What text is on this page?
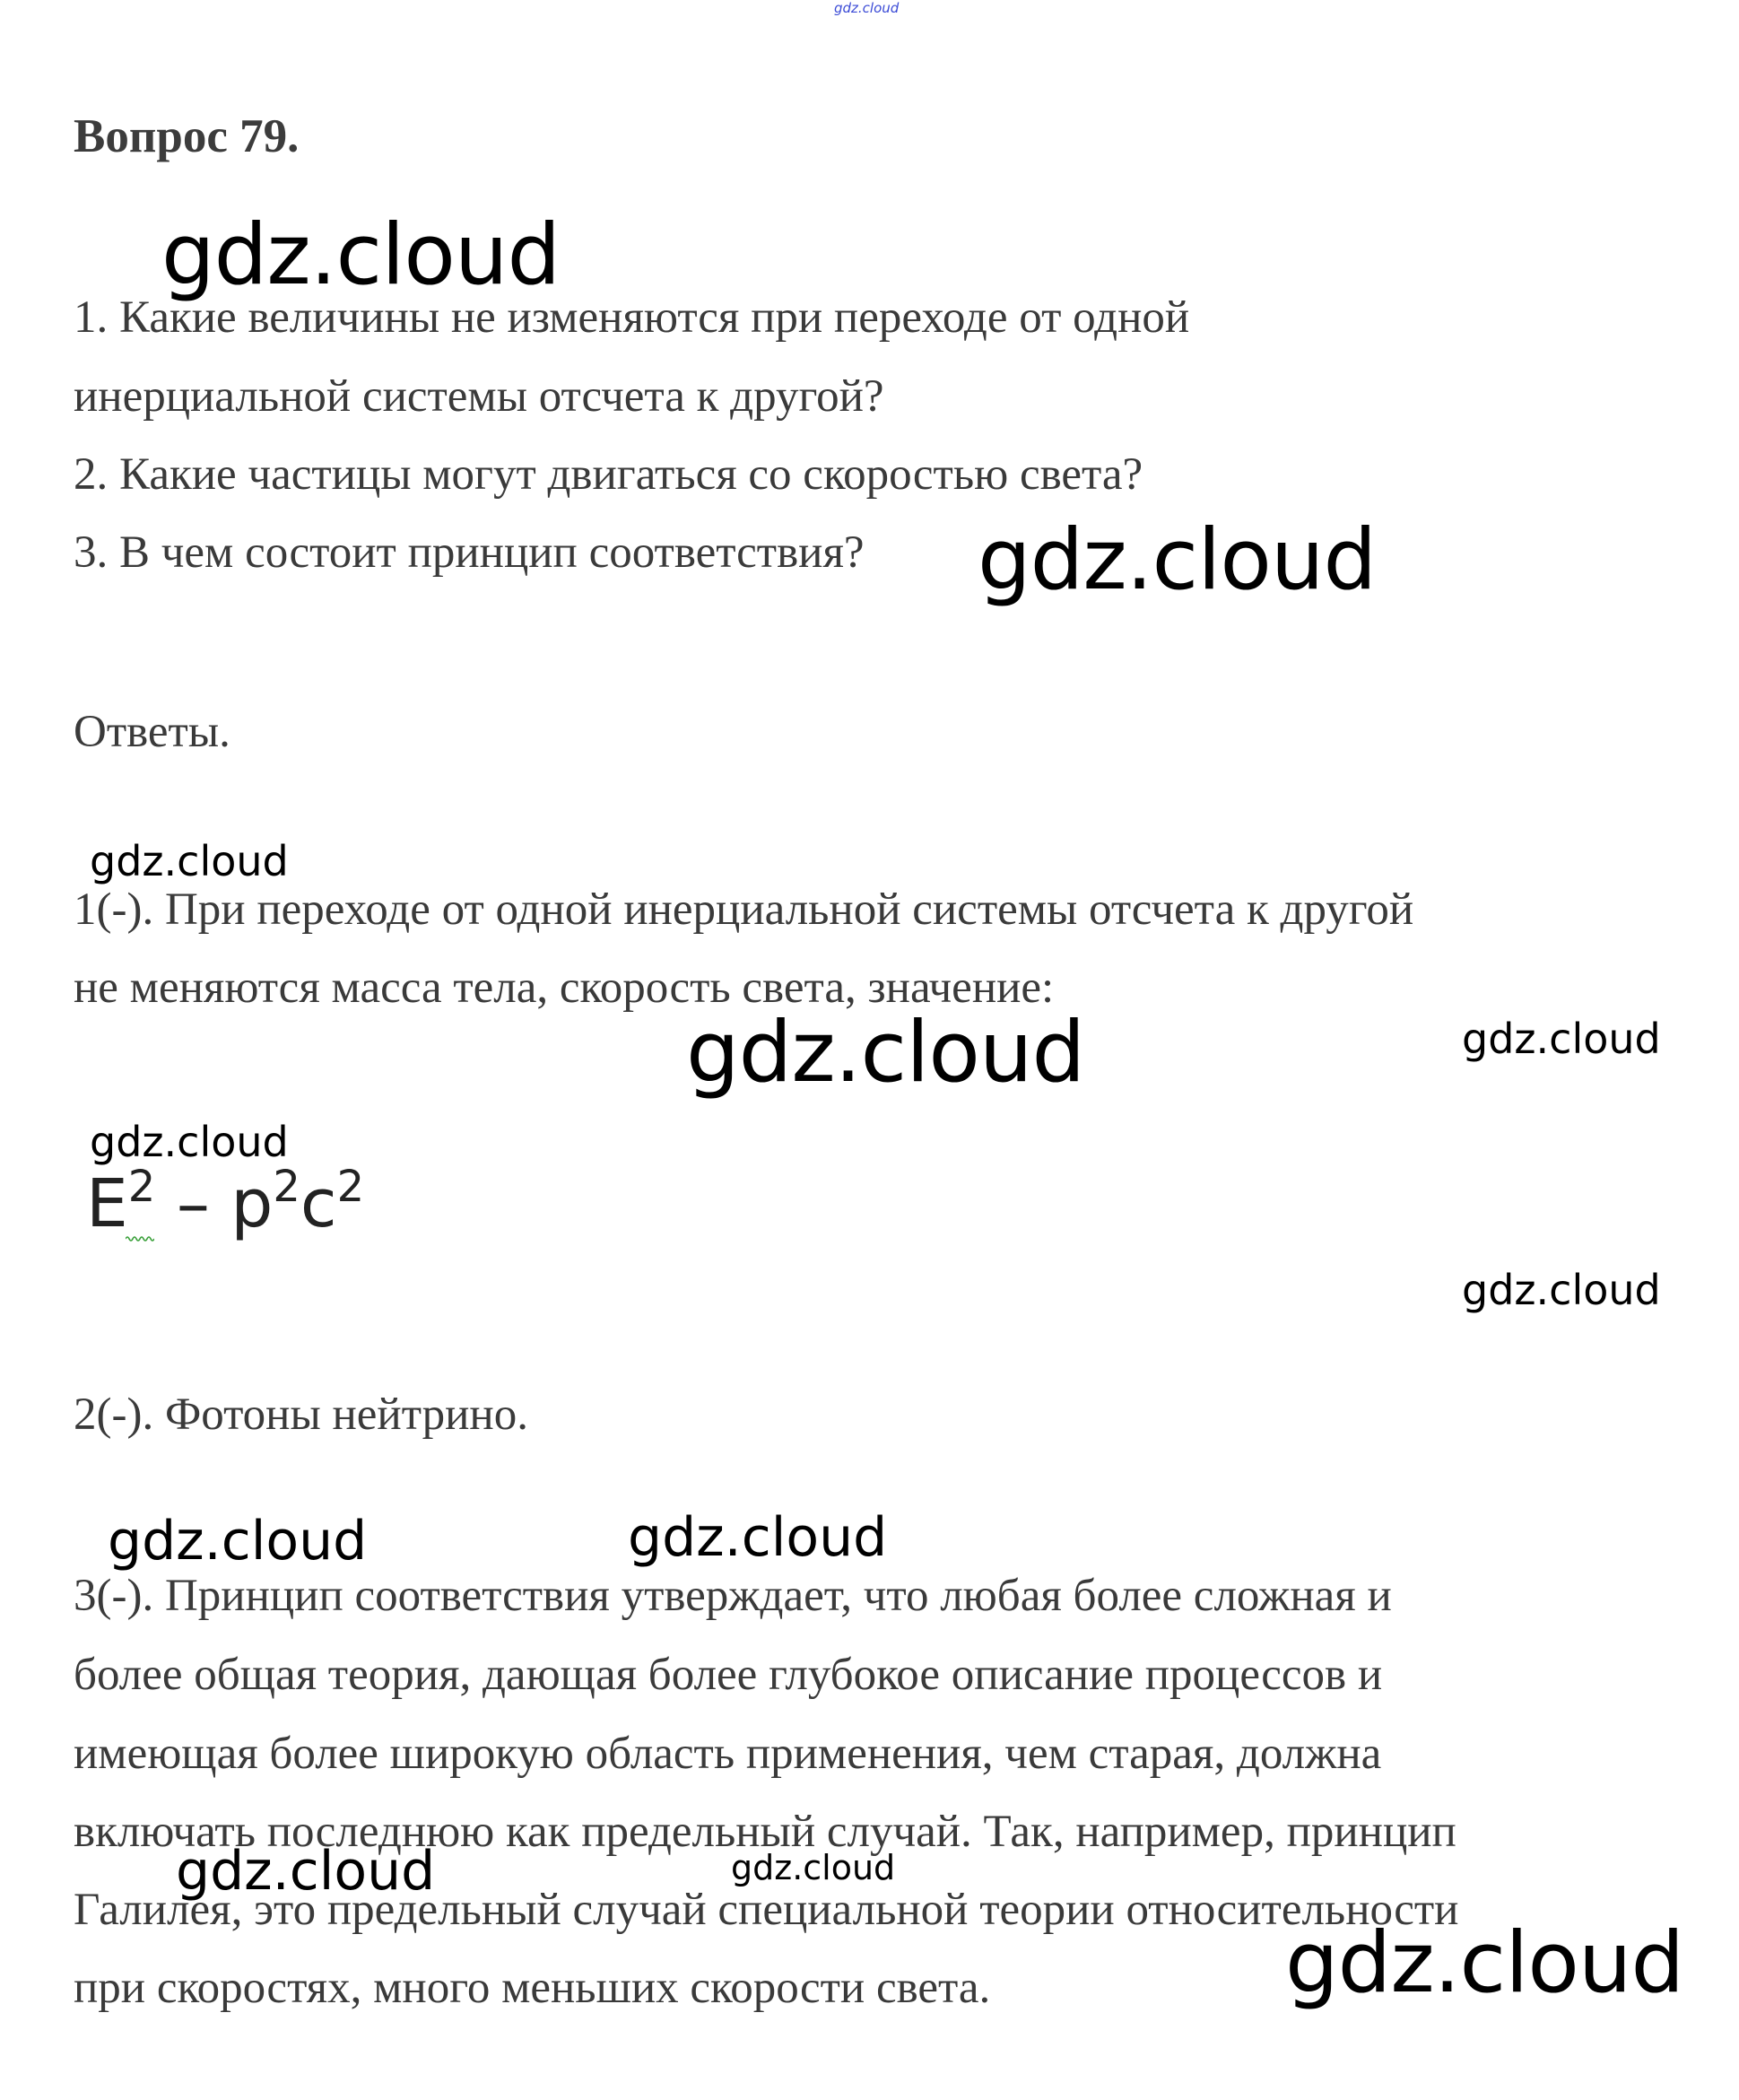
gdz.cloud
Вопрос 79.
1. Какие величины не изменяются при переходе от одной
инерциальной системы отсчета к другой?
2. Какие частицы могут двигаться со скоростью света?
3. В чем состоит принцип соответствия?
Ответы.
1(-). При переходе от одной инерциальной системы отсчета к другой
не меняются масса тела, скорость света, значение:
$E^2 - p^2c^2$
2(-). Фотоны нейтрино.
3(-). Принцип соответствия утверждает, что любая более сложная и
более общая теория, дающая более глубокое описание процессов и
имеющая более широкую область применения, чем старая, должна
включать последнюю как предельный случай. Так, например, принцип
Галилея, это предельный случай специальной теории относительности
при скоростях, много меньших скорости света.
gdz.cloud
gdz.cloud
gdz.cloud
gdz.cloud	gdz.cloud
gdz.cloud
gdz.cloud
gdz.cloud	gdz.cloud
gdz.cloud	gdz.cloud
gdz.cloud
